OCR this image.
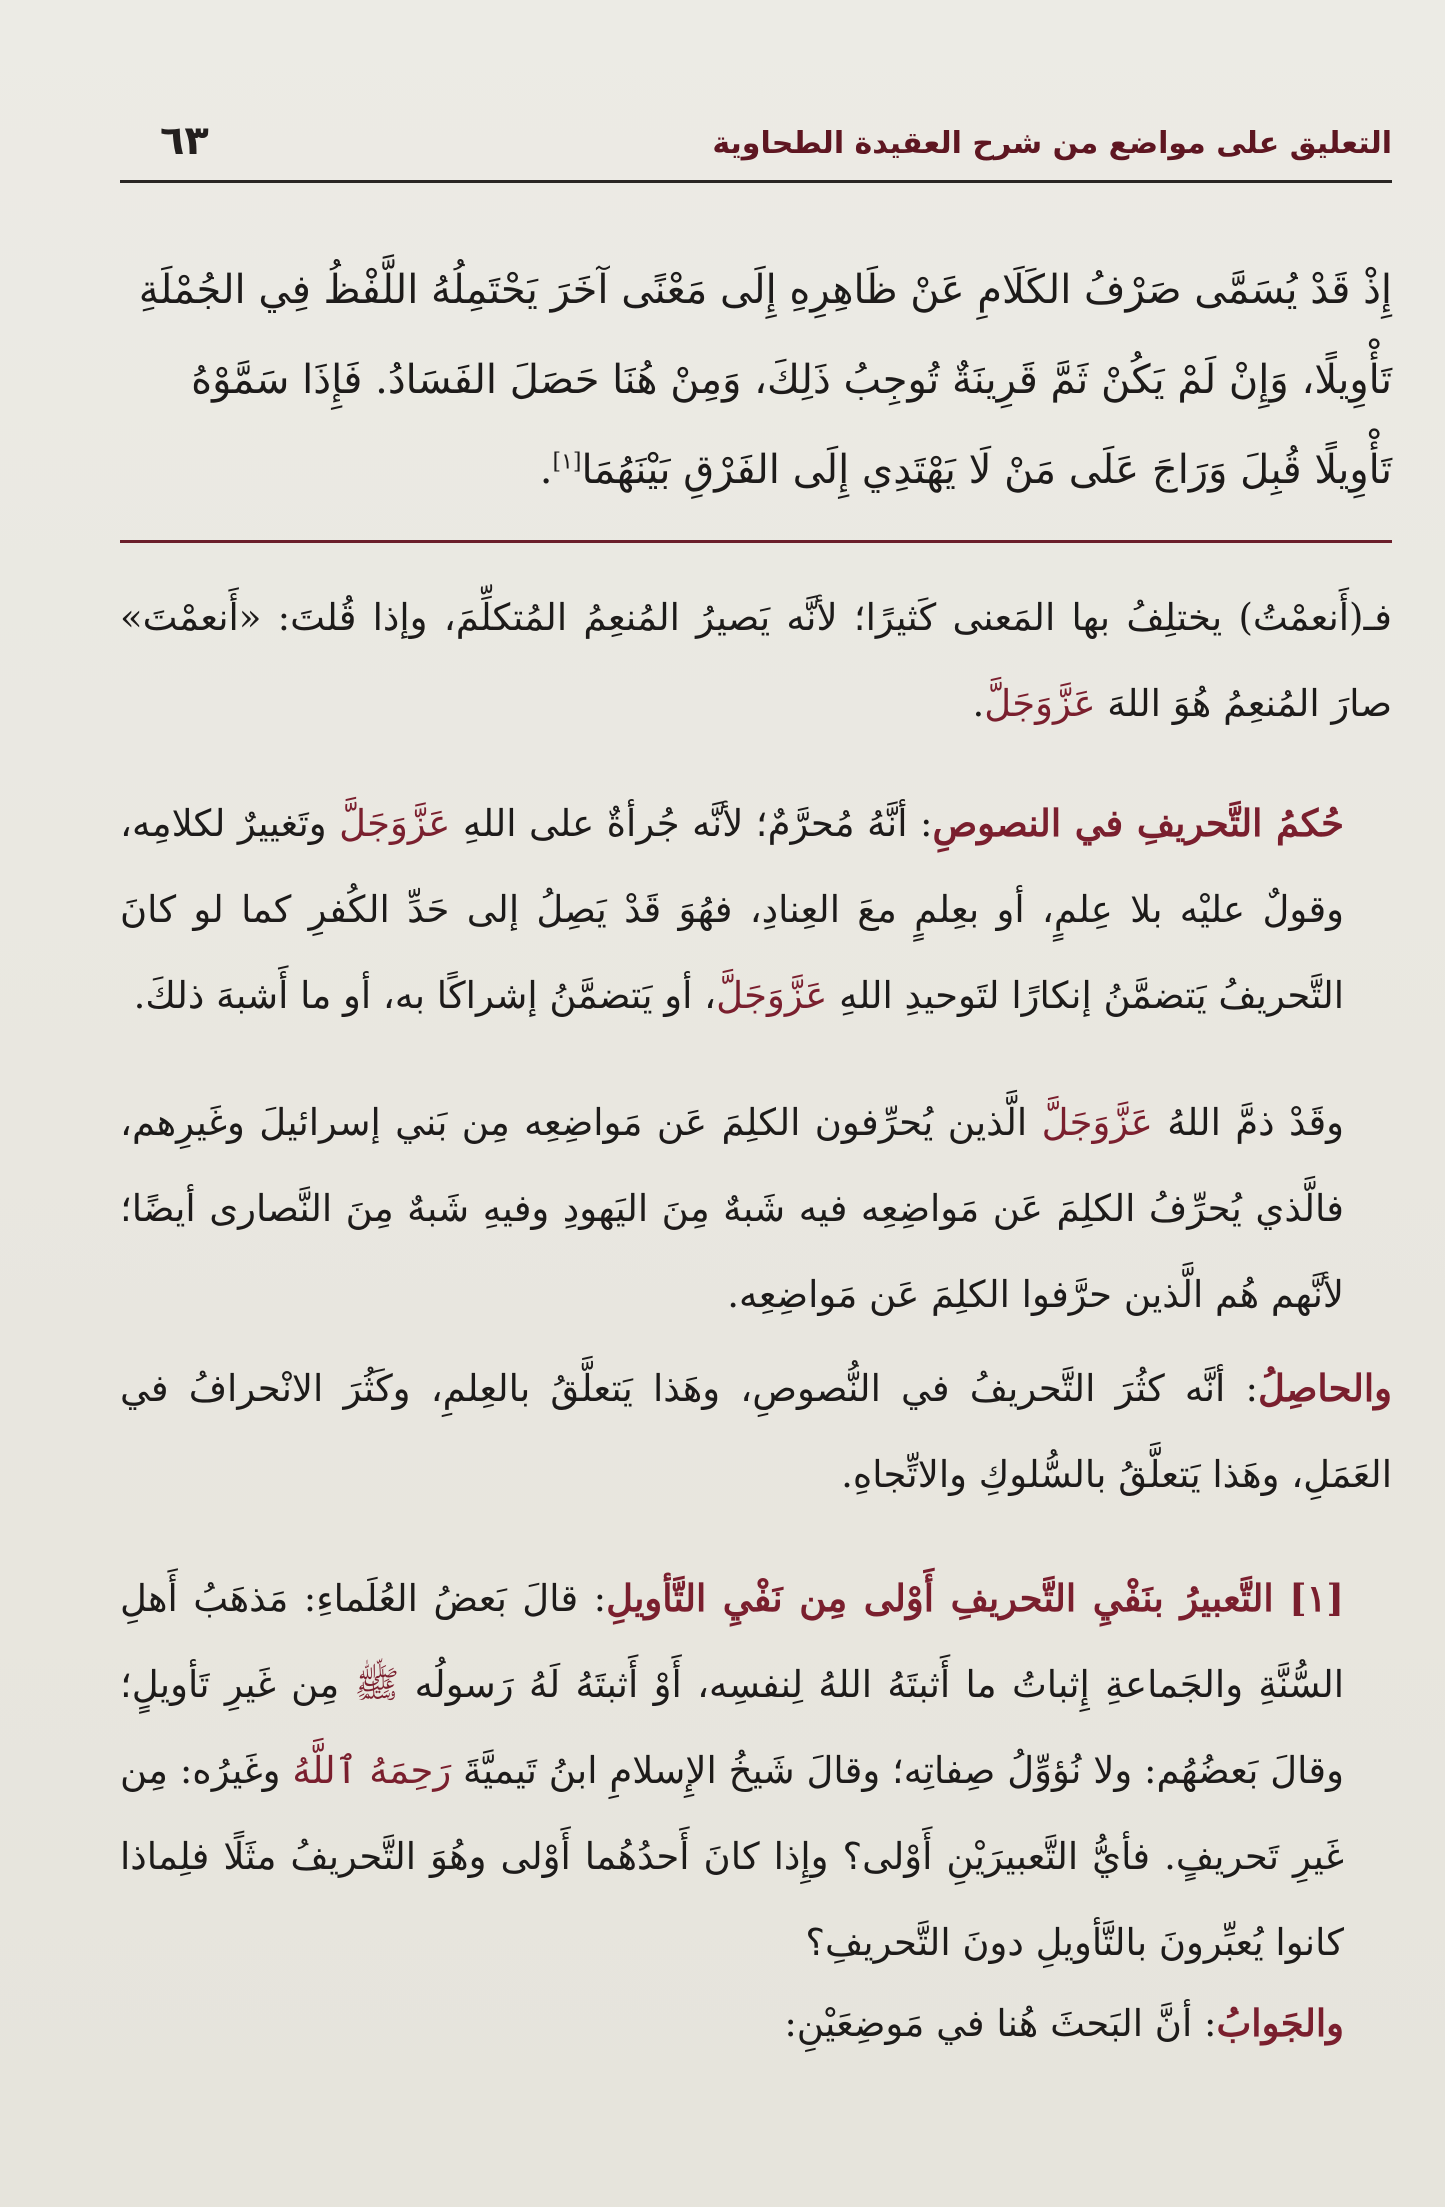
التعليق على مواضع من شرح العقيدة الطحاوية
٦٣

إِذْ قَدْ يُسَمَّى صَرْفُ الكَلَامِ عَنْ ظَاهِرِهِ إِلَى مَعْنًى آخَرَ يَحْتَمِلُهُ اللَّفْظُ فِي الجُمْلَةِ

تَأْوِيلًا، وَإِنْ لَمْ يَكُنْ ثَمَّ قَرِينَةٌ تُوجِبُ ذَلِكَ، وَمِنْ هُنَا حَصَلَ الفَسَادُ. فَإِذَا سَمَّوْهُ

تَأْوِيلًا قُبِلَ وَرَاجَ عَلَى مَنْ لَا يَهْتَدِي إِلَى الفَرْقِ بَيْنَهُمَا[١].

فـ(أَنعمْتُ) يختلِفُ بها المَعنى كَثيرًا؛ لأنَّه يَصيرُ المُنعِمُ المُتكلِّمَ، وإذا قُلتَ: «أَنعمْتَ» صارَ المُنعِمُ هُوَ اللهَ عَزَّوَجَلَّ.

حُكمُ التَّحريفِ في النصوصِ: أنَّهُ مُحرَّمٌ؛ لأنَّه جُرأةٌ على اللهِ عَزَّوَجَلَّ وتَغييرٌ لكلامِه، وقولٌ عليْه بلا عِلمٍ، أو بعِلمٍ معَ العِنادِ، فهُوَ قَدْ يَصِلُ إلى حَدِّ الكُفرِ كما لو كانَ التَّحريفُ يَتضمَّنُ إنكارًا لتَوحيدِ اللهِ عَزَّوَجَلَّ، أو يَتضمَّنُ إشراكًا به، أو ما أَشبهَ ذلكَ.

وقَدْ ذمَّ اللهُ عَزَّوَجَلَّ الَّذين يُحرِّفون الكلِمَ عَن مَواضِعِه مِن بَني إسرائيلَ وغَيرِهم، فالَّذي يُحرِّفُ الكلِمَ عَن مَواضِعِه فيه شَبهٌ مِنَ اليَهودِ وفيهِ شَبهٌ مِنَ النَّصارى أيضًا؛ لأنَّهم هُم الَّذين حرَّفوا الكلِمَ عَن مَواضِعِه.

والحاصِلُ: أنَّه كثُرَ التَّحريفُ في النُّصوصِ، وهَذا يَتعلَّقُ بالعِلمِ، وكَثُرَ الانْحرافُ في العَمَلِ، وهَذا يَتعلَّقُ بالسُّلوكِ والاتِّجاهِ.

[١] التَّعبيرُ بنَفْيِ التَّحريفِ أَوْلى مِن نَفْيِ التَّأويلِ: قالَ بَعضُ العُلَماءِ: مَذهَبُ أَهلِ السُّنَّةِ والجَماعةِ إِثباتُ ما أَثبتَهُ اللهُ لِنفسِه، أَوْ أَثبتَهُ لَهُ رَسولُه ﷺ مِن غَيرِ تَأويلٍ؛ وقالَ بَعضُهُم: ولا نُؤوِّلُ صِفاتِه؛ وقالَ شَيخُ الإِسلامِ ابنُ تَيميَّةَ رَحِمَهُ ٱللَّهُ وغَيرُه: مِن غَيرِ تَحريفٍ. فأيُّ التَّعبيرَيْنِ أَوْلى؟ وإِذا كانَ أَحدُهُما أَوْلى وهُوَ التَّحريفُ مثَلًا فلِماذا كانوا يُعبِّرونَ بالتَّأويلِ دونَ التَّحريفِ؟

والجَوابُ: أنَّ البَحثَ هُنا في مَوضِعَيْنِ:
